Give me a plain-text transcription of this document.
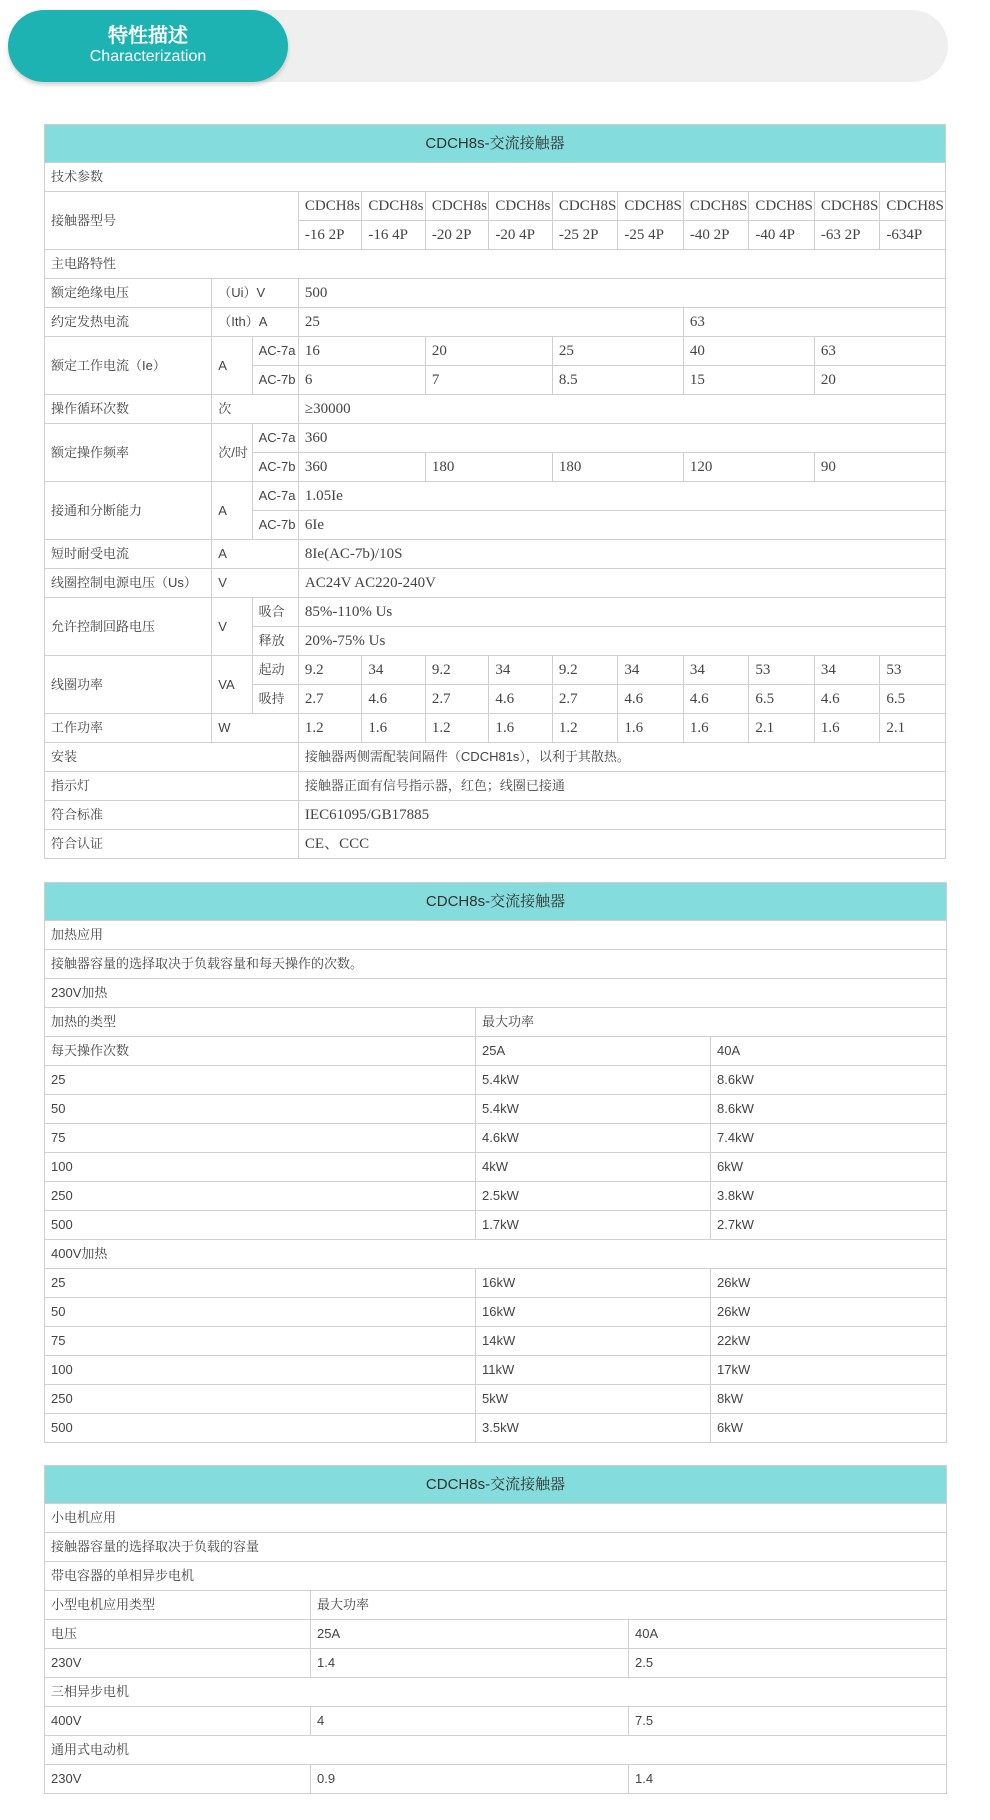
特性描述
Characterization
CDCH8s-交流接触器												
技术参数												
接触器型号			CDCH8s	CDCH8s	CDCH8s	CDCH8s	CDCH8S	CDCH8S	CDCH8S	CDCH8S	CDCH8S	CDCH8S
			-16 2P	-16 4P	-20 2P	-20 4P	-25 2P	-25 4P	-40 2P	-40 4P	-63 2P	-634P
主电路特性												
额定绝缘电压	（Ui）V		500									
约定发热电流	（Ith）A		25						63			
额定工作电流（Ie）	A	AC-7a	16		20		25		40		63	
		AC-7b	6		7		8.5		15		20	
操作循环次数	次		≥30000									
额定操作频率	次/时	AC-7a	360									
		AC-7b	360		180		180		120		90	
接通和分断能力	A	AC-7a	1.05Ie									
		AC-7b	6Ie									
短时耐受电流	A		8Ie(AC-7b)/10S									
线圈控制电源电压（Us）	V		AC24V AC220-240V									
允许控制回路电压	V	吸合	85%-110% Us									
		释放	20%-75% Us									
线圈功率	VA	起动	9.2	34	9.2	34	9.2	34	34	53	34	53
		吸持	2.7	4.6	2.7	4.6	2.7	4.6	4.6	6.5	4.6	6.5
工作功率	W		1.2	1.6	1.2	1.6	1.2	1.6	1.6	2.1	1.6	2.1
安装			接触器两侧需配装间隔件（CDCH81s），以利于其散热。									
指示灯			接触器正面有信号指示器，红色；线圈已接通									
符合标准			IEC61095/GB17885									
符合认证			CE、CCC									
CDCH8s-交流接触器		
加热应用		
接触器容量的选择取决于负载容量和每天操作的次数。		
230V加热		
加热的类型	最大功率	
每天操作次数	25A	40A
25	5.4kW	8.6kW
50	5.4kW	8.6kW
75	4.6kW	7.4kW
100	4kW	6kW
250	2.5kW	3.8kW
500	1.7kW	2.7kW
400V加热		
25	16kW	26kW
50	16kW	26kW
75	14kW	22kW
100	11kW	17kW
250	5kW	8kW
500	3.5kW	6kW
CDCH8s-交流接触器		
小电机应用		
接触器容量的选择取决于负载的容量		
带电容器的单相异步电机		
小型电机应用类型	最大功率	
电压	25A	40A
230V	1.4	2.5
三相异步电机		
400V	4	7.5
通用式电动机		
230V	0.9	1.4
